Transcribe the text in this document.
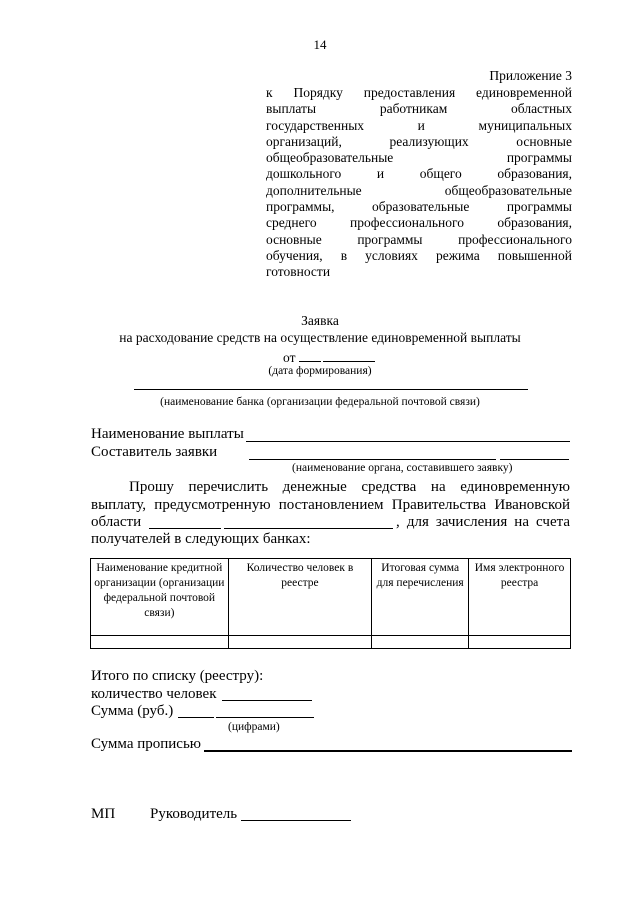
14
Приложение 3
к Порядку предоставления единовременной
выплаты работникам областных
государственных и муниципальных
организаций, реализующих основные
общеобразовательные программы
дошкольного и общего образования,
дополнительные общеобразовательные
программы, образовательные программы
среднего профессионального образования,
основные программы профессионального
обучения, в условиях режима повышенной
готовности
Заявка
на расходование средств на осуществление единовременной выплаты
от
(дата формирования)
(наименование банка (организации федеральной почтовой связи)
Наименование выплаты
Составитель заявки
(наименование органа, составившего заявку)
Прошу перечислить денежные средства на единовременную
выплату, предусмотренную постановлением Правительства Ивановской
области	, для зачисления на счета
получателей в следующих банках:
Наименование кредитной организации (организации федеральной почтовой связи)	Количество человек в реестре	Итоговая сумма для перечисления	Имя электронного реестра

Итого по списку (реестру):
количество человек
Сумма (руб.)
(цифрами)
Сумма прописью
МП Руководитель
